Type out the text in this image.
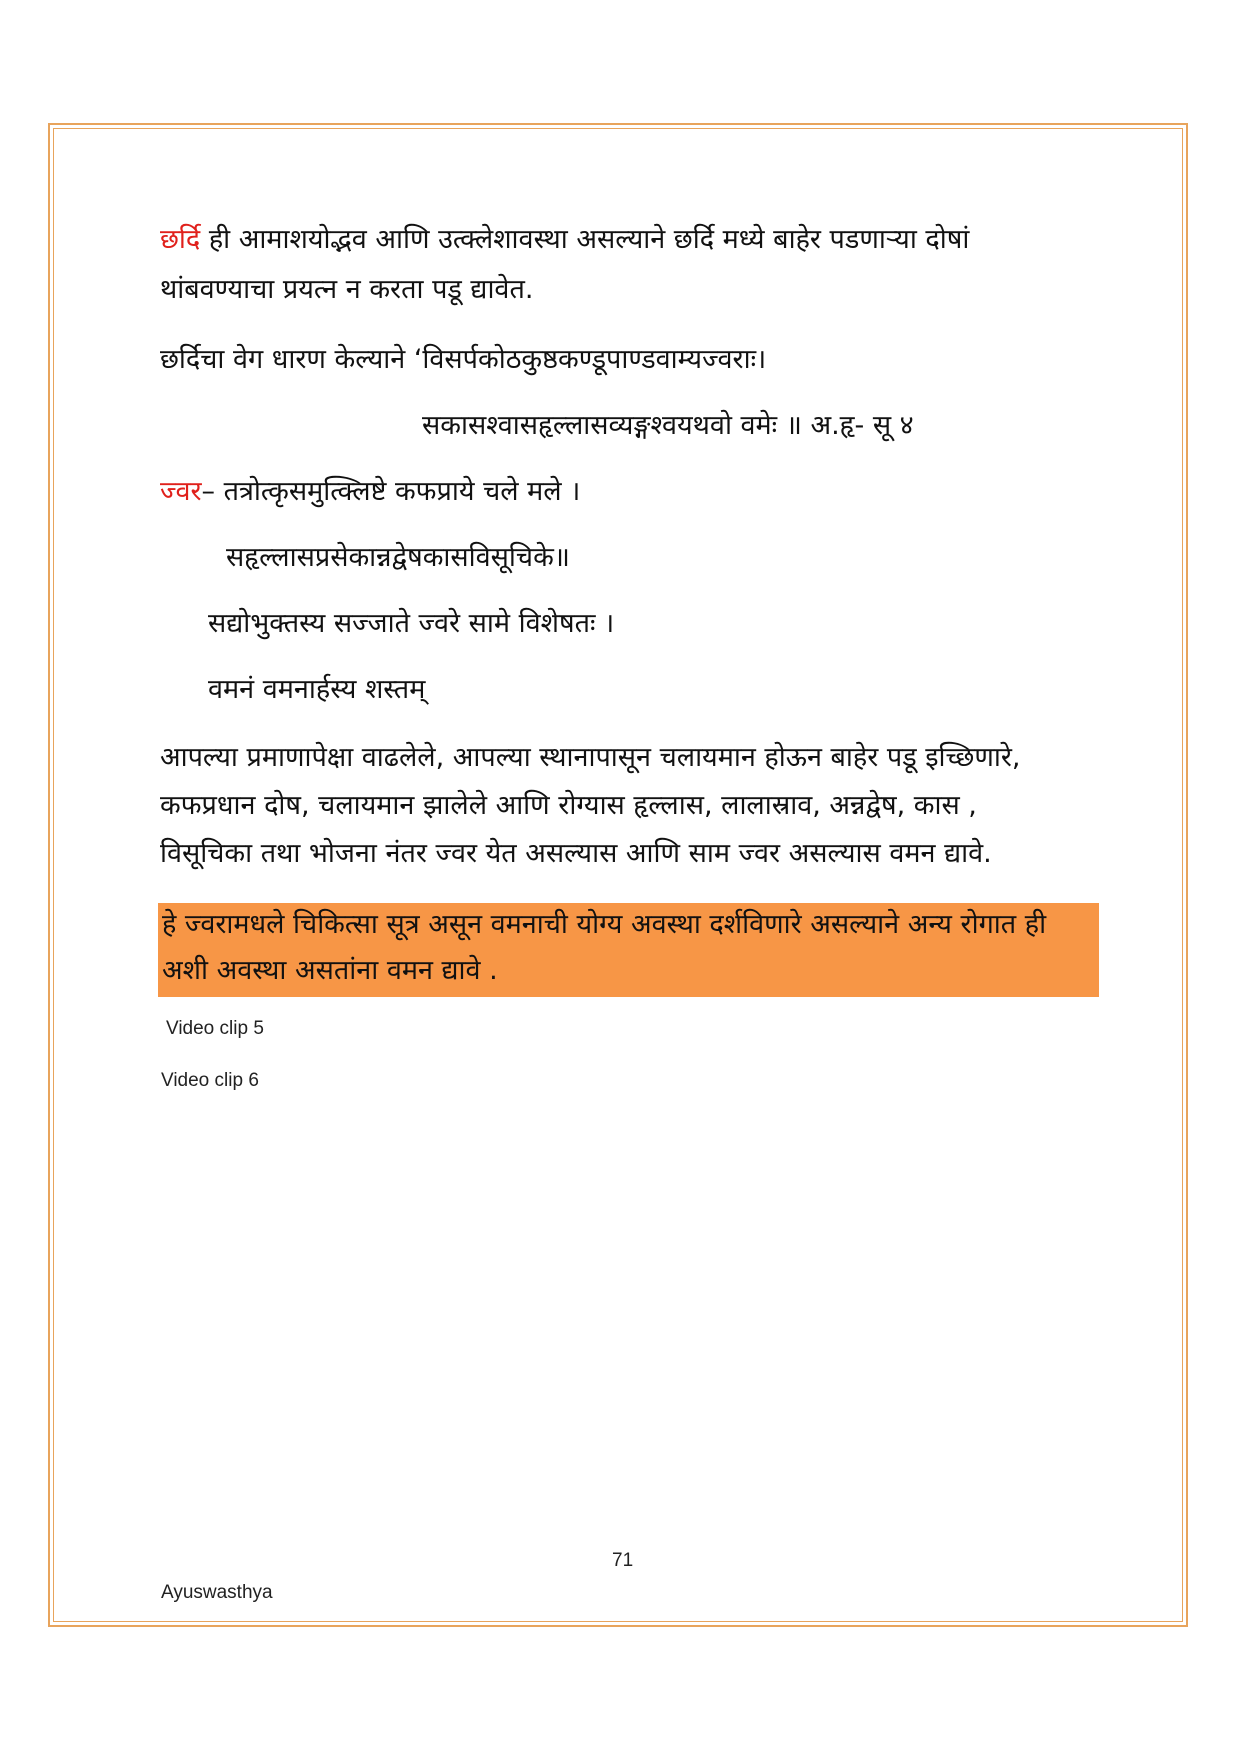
छर्दि ही आमाशयोद्भव आणि उत्क्लेशावस्था असल्याने छर्दि मध्ये बाहेर पडणाऱ्या दोषां
थांबवण्याचा प्रयत्न न करता पडू द्यावेत.
छर्दिचा वेग धारण केल्याने ‘विसर्पकोठकुष्ठकण्डूपाण्डवाम्यज्वराः।
सकासश्वासहृल्लासव्यङ्गश्वयथवो वमेः ॥ अ.हृ- सू ४
ज्वर– तत्रोत्कृसमुत्क्लिष्टे कफप्राये चले मले ।
सहृल्लासप्रसेकान्नद्वेषकासविसूचिके॥
सद्योभुक्तस्य सज्जाते ज्वरे सामे विशेषतः ।
वमनं वमनार्हस्य शस्तम्
आपल्या प्रमाणापेक्षा वाढलेले, आपल्या स्थानापासून चलायमान होऊन बाहेर पडू इच्छिणारे,
कफप्रधान दोष, चलायमान झालेले आणि रोग्यास हृल्लास, लालास्राव, अन्नद्वेष, कास ,
विसूचिका तथा भोजना नंतर ज्वर येत असल्यास आणि साम ज्वर असल्यास वमन द्यावे.
हे ज्वरामधले चिकित्सा सूत्र असून वमनाची योग्य अवस्था दर्शविणारे असल्याने अन्य रोगात ही
अशी अवस्था असतांना वमन द्यावे .
Video clip 5
Video clip 6
71
Ayuswasthya
